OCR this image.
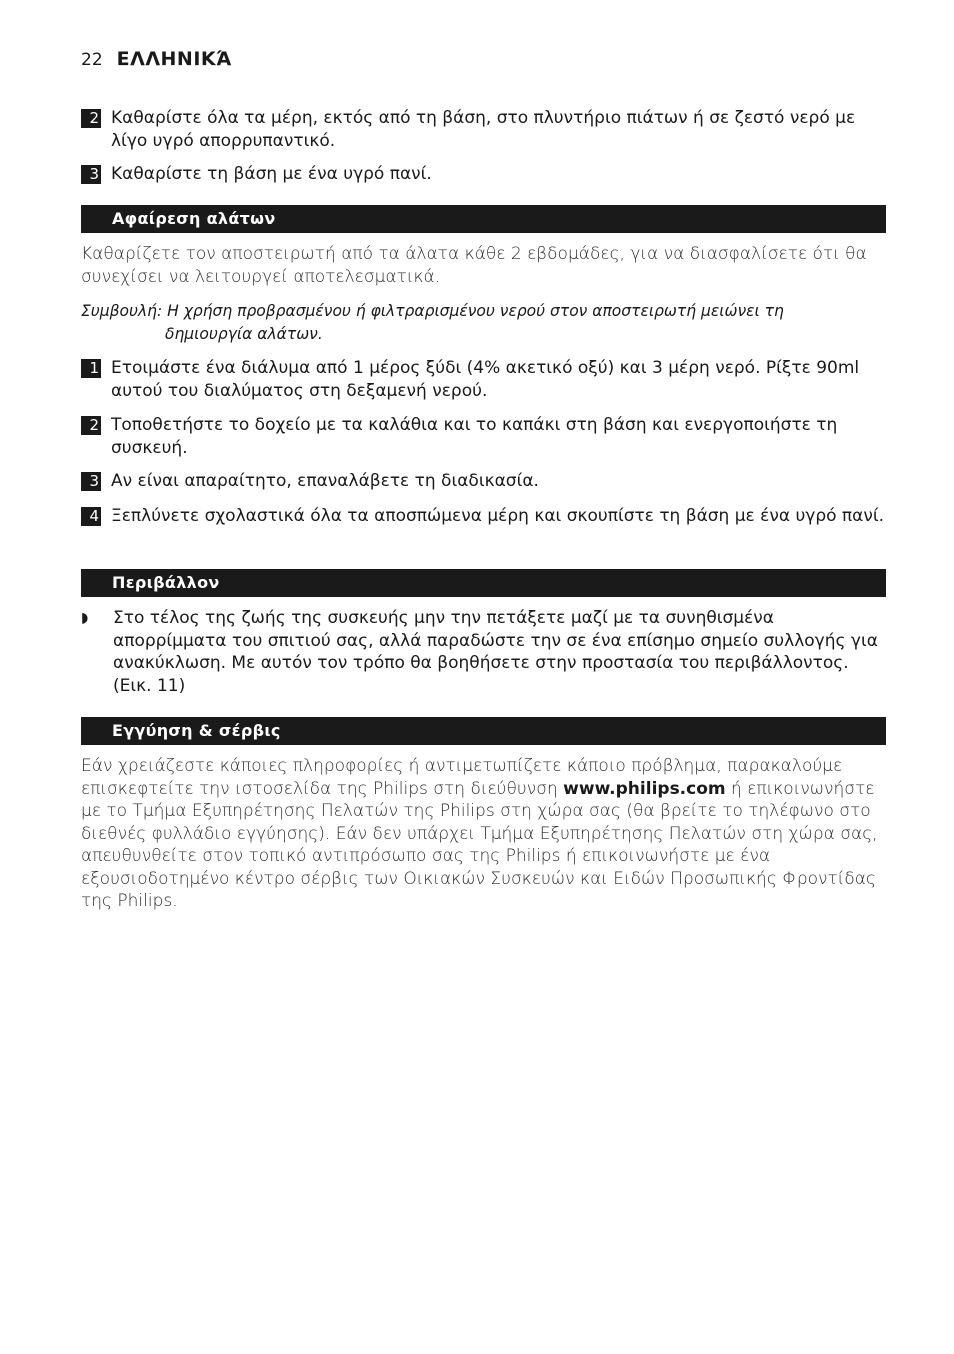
22 ΕΛΛΗΝΙΚΆ
2 Καθαρίστε όλα τα μέρη, εκτός από τη βάση, στο πλυντήριο πιάτων ή σε ζεστό νερό με λίγο υγρό απορρυπαντικό.
3 Καθαρίστε τη βάση με ένα υγρό πανί.
Αφαίρεση αλάτων
Καθαρίζετε τον αποστειρωτή από τα άλατα κάθε 2 εβδομάδες, για να διασφαλίσετε ότι θα συνεχίσει να λειτουργεί αποτελεσματικά.
Συμβουλή: Η χρήση προβρασμένου ή φιλτραρισμένου νερού στον αποστειρωτή μειώνει τη
δημιουργία αλάτων.
1 Ετοιμάστε ένα διάλυμα από 1 μέρος ξύδι (4% ακετικό οξύ) και 3 μέρη νερό. Ρίξτε 90ml αυτού του διαλύματος στη δεξαμενή νερού.
2 Τοποθετήστε το δοχείο με τα καλάθια και το καπάκι στη βάση και ενεργοποιήστε τη συσκευή.
3 Αν είναι απαραίτητο, επαναλάβετε τη διαδικασία.
4 Ξεπλύνετε σχολαστικά όλα τα αποσπώμενα μέρη και σκουπίστε τη βάση με ένα υγρό πανί.
Περιβάλλον
◗	Στο τέλος της ζωής της συσκευής μην την πετάξετε μαζί με τα συνηθισμένα απορρίμματα του σπιτιού σας, αλλά παραδώστε την σε ένα επίσημο σημείο συλλογής για ανακύκλωση. Με αυτόν τον τρόπο θα βοηθήσετε στην προστασία του περιβάλλοντος. (Εικ. 11)
Εγγύηση & σέρβις
Εάν χρειάζεστε κάποιες πληροφορίες ή αντιμετωπίζετε κάποιο πρόβλημα, παρακαλούμε επισκεφτείτε την ιστοσελίδα της Philips στη διεύθυνση www.philips.com ή επικοινωνήστε με το Τμήμα Εξυπηρέτησης Πελατών της Philips στη χώρα σας (θα βρείτε το τηλέφωνο στο διεθνές φυλλάδιο εγγύησης). Εάν δεν υπάρχει Τμήμα Εξυπηρέτησης Πελατών στη χώρα σας, απευθυνθείτε στον τοπικό αντιπρόσωπο σας της Philips ή επικοινωνήστε με ένα εξουσιοδοτημένο κέντρο σέρβις των Οικιακών Συσκευών και Ειδών Προσωπικής Φροντίδας της Philips.
